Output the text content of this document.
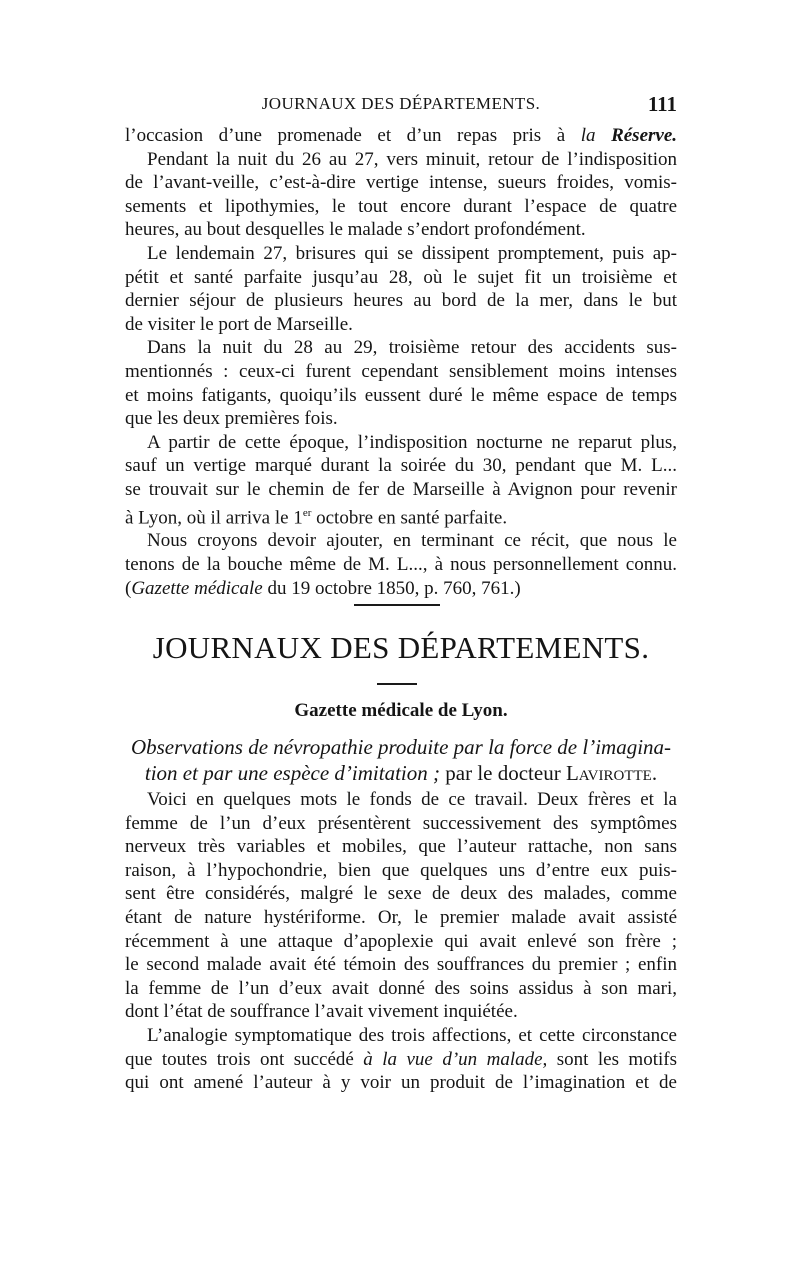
JOURNAUX DES DÉPARTEMENTS.	111
l’occasion d’une promenade et d’un repas pris à la Réserve.
Pendant la nuit du 26 au 27, vers minuit, retour de l’indisposition
de l’avant-veille, c’est-à-dire vertige intense, sueurs froides, vomis-
sements et lipothymies, le tout encore durant l’espace de quatre
heures, au bout desquelles le malade s’endort profondément.
Le lendemain 27, brisures qui se dissipent promptement, puis ap-
pétit et santé parfaite jusqu’au 28, où le sujet fit un troisième et
dernier séjour de plusieurs heures au bord de la mer, dans le but
de visiter le port de Marseille.
Dans la nuit du 28 au 29, troisième retour des accidents sus-
mentionnés : ceux-ci furent cependant sensiblement moins intenses
et moins fatigants, quoiqu’ils eussent duré le même espace de temps
que les deux premières fois.
A partir de cette époque, l’indisposition nocturne ne reparut plus,
sauf un vertige marqué durant la soirée du 30, pendant que M. L...
se trouvait sur le chemin de fer de Marseille à Avignon pour revenir
à Lyon, où il arriva le 1er octobre en santé parfaite.
Nous croyons devoir ajouter, en terminant ce récit, que nous le
tenons de la bouche même de M. L..., à nous personnellement connu.
(Gazette médicale du 19 octobre 1850, p. 760, 761.)
JOURNAUX DES DÉPARTEMENTS.
Gazette médicale de Lyon.
Observations de névropathie produite par la force de l’imagina-
tion et par une espèce d’imitation ; par le docteur Lavirotte.
Voici en quelques mots le fonds de ce travail. Deux frères et la
femme de l’un d’eux présentèrent successivement des symptômes
nerveux très variables et mobiles, que l’auteur rattache, non sans
raison, à l’hypochondrie, bien que quelques uns d’entre eux puis-
sent être considérés, malgré le sexe de deux des malades, comme
étant de nature hystériforme. Or, le premier malade avait assisté
récemment à une attaque d’apoplexie qui avait enlevé son frère ;
le second malade avait été témoin des souffrances du premier ; enfin
la femme de l’un d’eux avait donné des soins assidus à son mari,
dont l’état de souffrance l’avait vivement inquiétée.
L’analogie symptomatique des trois affections, et cette circonstance
que toutes trois ont succédé à la vue d’un malade, sont les motifs
qui ont amené l’auteur à y voir un produit de l’imagination et de
